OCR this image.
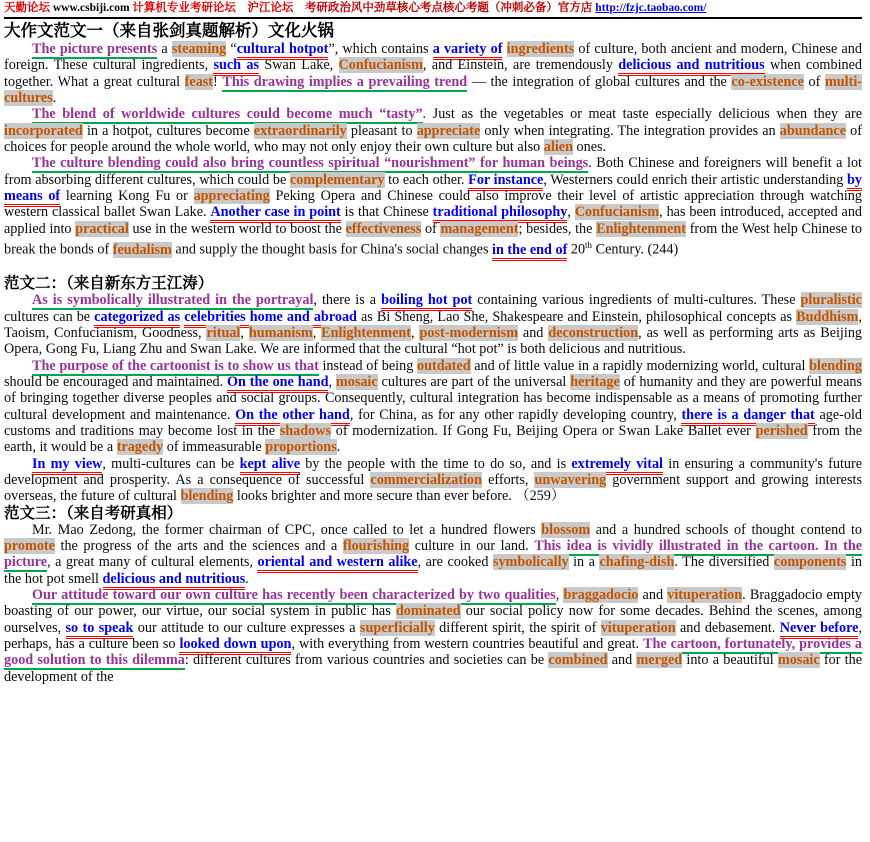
天勤论坛 www.csbiji.com 计算机专业考研论坛　沪江论坛　考研政治风中劲草核心考点核心考题（冲刺必备）官方店 http://fzjc.taobao.com/
大作文范文一（来自张剑真题解析）文化火锅

The picture presents a steaming “cultural hotpot”, which contains a variety of ingredients of culture, both ancient and modern, Chinese and foreign. These cultural ingredients, such as Swan Lake, Confucianism, and Einstein, are tremendously delicious and nutritious when combined together. What a great cultural feast! This drawing implies a prevailing trend — the integration of global cultures and the co-existence of multi-cultures.

The blend of worldwide cultures could become much “tasty”. Just as the vegetables or meat taste especially delicious when they are incorporated in a hotpot, cultures become extraordinarily pleasant to appreciate only when integrating. The integration provides an abundance of choices for people around the whole world, who may not only enjoy their own culture but also alien ones.

The culture blending could also bring countless spiritual “nourishment” for human beings. Both Chinese and foreigners will benefit a lot from absorbing different cultures, which could be complementary to each other. For instance, Westerners could enrich their artistic understanding by means of learning Kong Fu or appreciating Peking Opera and Chinese could also improve their level of artistic appreciation through watching western classical ballet Swan Lake. Another case in point is that Chinese traditional philosophy, Confucianism, has been introduced, accepted and applied into practical use in the western world to boost the effectiveness of management; besides, the Enlightenment from the West help Chinese to break the bonds of feudalism and supply the thought basis for China's social changes in the end of 20th Century. (244)

范文二：（来自新东方王江涛）

As is symbolically illustrated in the portrayal, there is a boiling hot pot containing various ingredients of multi-cultures. These pluralistic cultures can be categorized as celebrities home and abroad as Bi Sheng, Lao She, Shakespeare and Einstein, philosophical concepts as Buddhism, Taoism, Confucianism, Goodness, ritual, humanism, Enlightenment, post-modernism and deconstruction, as well as performing arts as Beijing Opera, Gong Fu, Liang Zhu and Swan Lake. We are informed that the cultural “hot pot” is both delicious and nutritious.

The purpose of the cartoonist is to show us that instead of being outdated and of little value in a rapidly modernizing world, cultural blending should be encouraged and maintained. On the one hand, mosaic cultures are part of the universal heritage of humanity and they are powerful means of bringing together diverse peoples and social groups. Consequently, cultural integration has become indispensable as a means of promoting further cultural development and maintenance. On the other hand, for China, as for any other rapidly developing country, there is a danger that age-old customs and traditions may become lost in the shadows of modernization. If Gong Fu, Beijing Opera or Swan Lake Ballet ever perished from the earth, it would be a tragedy of immeasurable proportions.

In my view, multi-cultures can be kept alive by the people with the time to do so, and is extremely vital in ensuring a community's future development and prosperity. As a consequence of successful commercialization efforts, unwavering government support and growing interests overseas, the future of cultural blending looks brighter and more secure than ever before. （259）

范文三：（来自考研真相）

Mr. Mao Zedong, the former chairman of CPC, once called to let a hundred flowers blossom and a hundred schools of thought contend to promote the progress of the arts and the sciences and a flourishing culture in our land. This idea is vividly illustrated in the cartoon. In the picture, a great many of cultural elements, oriental and western alike, are cooked symbolically in a chafing-dish. The diversified components in the hot pot smell delicious and nutritious.

Our attitude toward our own culture has recently been characterized by two qualities, braggadocio and vituperation. Braggadocio empty boasting of our power, our virtue, our social system in public has dominated our social policy now for some decades. Behind the scenes, among ourselves, so to speak our attitude to our culture expresses a superficially different spirit, the spirit of vituperation and debasement. Never before, perhaps, has a culture been so looked down upon, with everything from western countries beautiful and great. The cartoon, fortunately, provides a good solution to this dilemma: different cultures from various countries and societies can be combined and merged into a beautiful mosaic for the development of the
